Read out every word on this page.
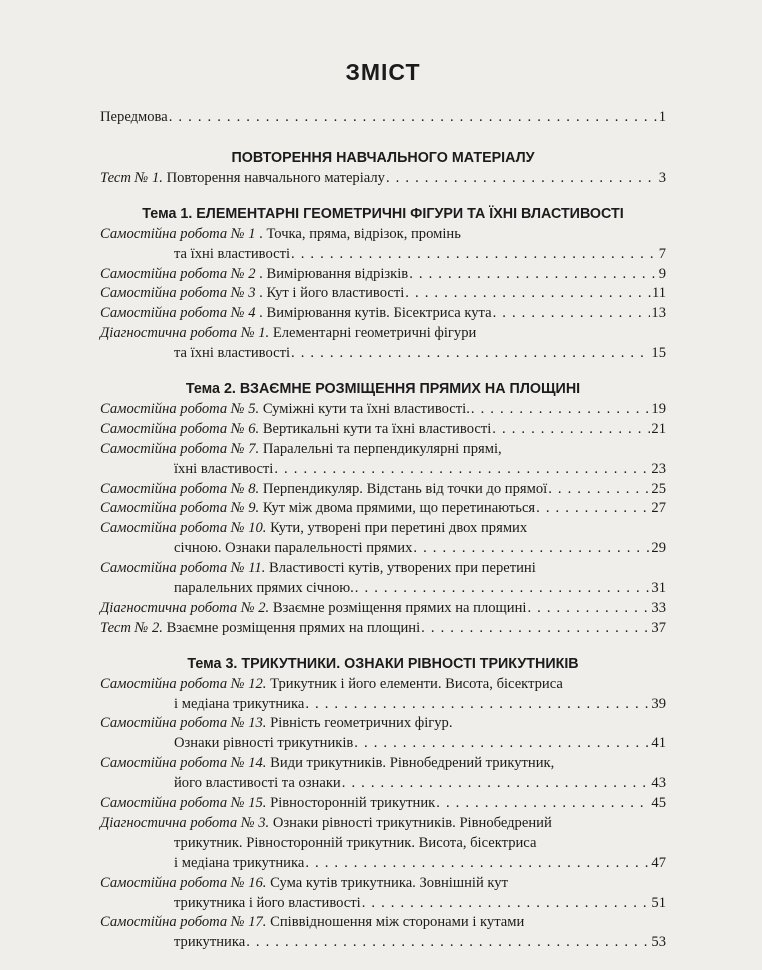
ЗМІСТ
Передмова . . .	1
ПОВТОРЕННЯ НАВЧАЛЬНОГО МАТЕРІАЛУ
Тест № 1. Повторення навчального матеріалу . . .	3
Тема 1. ЕЛЕМЕНТАРНІ ГЕОМЕТРИЧНІ ФІГУРИ ТА ЇХНІ ВЛАСТИВОСТІ
Самостійна робота № 1 . Точка, пряма, відрізок, промінь
та їхні властивості . . .	7
Самостійна робота № 2 . Вимірювання відрізків . . .	9
Самостійна робота № 3 . Кут і його властивості . . .	11
Самостійна робота № 4 . Вимірювання кутів. Бісектриса кута . . .	13
Діагностична робота № 1. Елементарні геометричні фігури
та їхні властивості . . .	15
Тема 2. ВЗАЄМНЕ РОЗМІЩЕННЯ ПРЯМИХ НА ПЛОЩИНІ
Самостійна робота № 5. Суміжні кути та їхні властивості. . . .	19
Самостійна робота № 6. Вертикальні кути та їхні властивості . . .	21
Самостійна робота № 7. Паралельні та перпендикулярні прямі,
їхні властивості . . .	23
Самостійна робота № 8. Перпендикуляр. Відстань від точки до прямої . . .	25
Самостійна робота № 9. Кут між двома прямими, що перетинаються . . .	27
Самостійна робота № 10. Кути, утворені при перетині двох прямих
січною. Ознаки паралельності прямих . . .	29
Самостійна робота № 11. Властивості кутів, утворених при перетині
паралельних прямих січною. . . .	31
Діагностична робота № 2. Взаємне розміщення прямих на площині . . .	33
Тест № 2. Взаємне розміщення прямих на площині . . .	37
Тема 3. ТРИКУТНИКИ. ОЗНАКИ РІВНОСТІ ТРИКУТНИКІВ
Самостійна робота № 12. Трикутник і його елементи. Висота, бісектриса
і медіана трикутника . . .	39
Самостійна робота № 13. Рівність геометричних фігур.
Ознаки рівності трикутників . . .	41
Самостійна робота № 14. Види трикутників. Рівнобедрений трикутник,
його властивості та ознаки . . .	43
Самостійна робота № 15. Рівносторонній трикутник . . .	45
Діагностична робота № 3. Ознаки рівності трикутників. Рівнобедрений
трикутник. Рівносторонній трикутник. Висота, бісектриса
і медіана трикутника . . .	47
Самостійна робота № 16. Сума кутів трикутника. Зовнішній кут
трикутника і його властивості . . .	51
Самостійна робота № 17. Співвідношення між сторонами і кутами
трикутника . . .	53
